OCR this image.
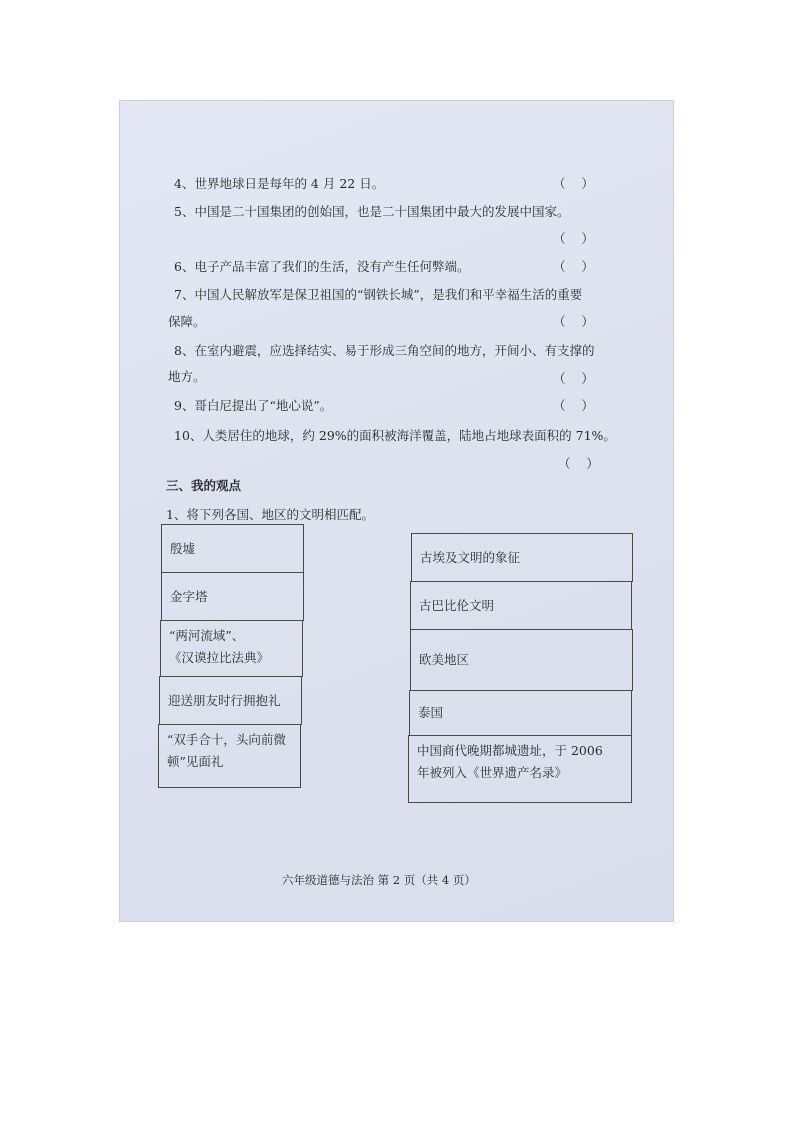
4、世界地球日是每年的 4 月 22 日。	（    ）
5、中国是二十国集团的创始国，也是二十国集团中最大的发展中国家。
（    ）
6、电子产品丰富了我们的生活，没有产生任何弊端。	（    ）
7、中国人民解放军是保卫祖国的“钢铁长城”，是我们和平幸福生活的重要
保障。	（    ）
8、在室内避震，应选择结实、易于形成三角空间的地方，开间小、有支撑的
地方。	（    ）
9、哥白尼提出了“地心说”。	（    ）
10、人类居住的地球，约 29%的面积被海洋覆盖，陆地占地球表面积的 71%。
（    ）
三、我的观点
1、将下列各国、地区的文明相匹配。
殷墟
金字塔
“两河流域”、
《汉谟拉比法典》
迎送朋友时行拥抱礼
“双手合十，头向前微
顿”见面礼
古埃及文明的象征
古巴比伦文明
欧美地区
泰国
中国商代晚期都城遗址，于 2006
年被列入《世界遗产名录》
六年级道德与法治 第 2 页（共 4 页）
